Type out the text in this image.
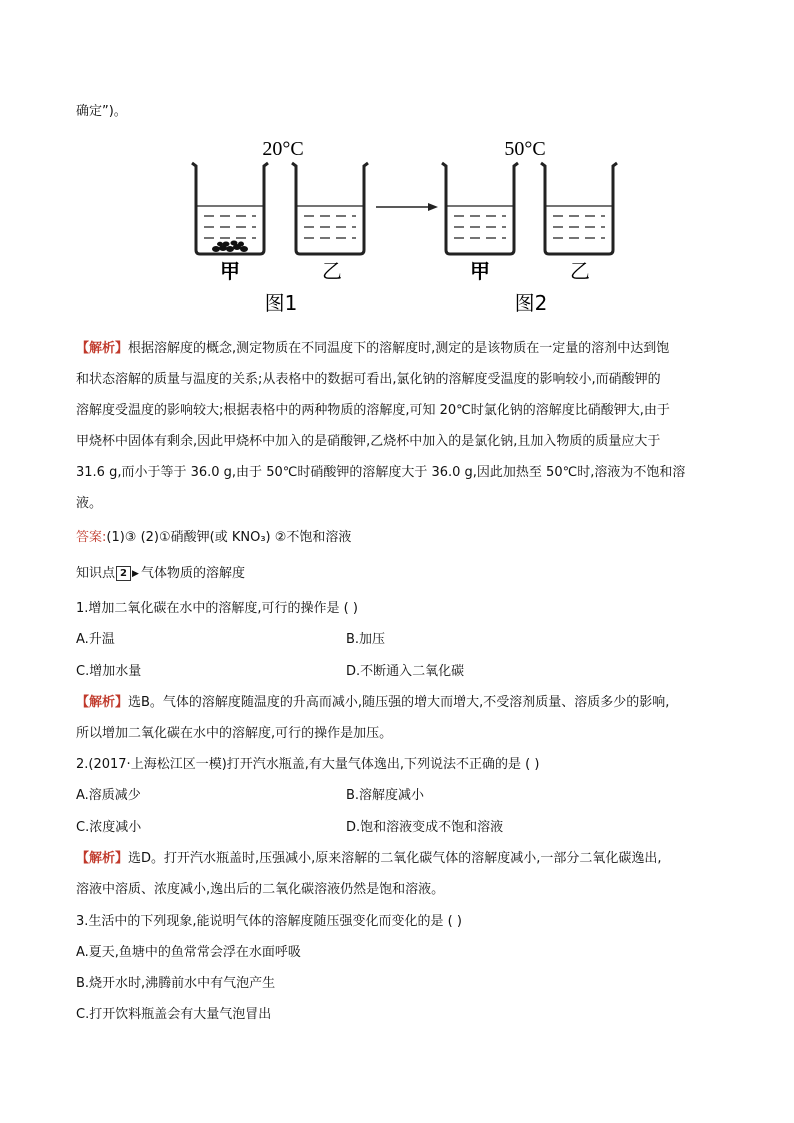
确定”)。
20°C	50°C
甲	乙	甲	乙
图1	图2
【解析】根据溶解度的概念,测定物质在不同温度下的溶解度时,测定的是该物质在一定量的溶剂中达到饱
和状态溶解的质量与温度的关系;从表格中的数据可看出,氯化钠的溶解度受温度的影响较小,而硝酸钾的
溶解度受温度的影响较大;根据表格中的两种物质的溶解度,可知 20℃时氯化钠的溶解度比硝酸钾大,由于
甲烧杯中固体有剩余,因此甲烧杯中加入的是硝酸钾,乙烧杯中加入的是氯化钠,且加入物质的质量应大于
31.6 g,而小于等于 36.0 g,由于 50℃时硝酸钾的溶解度大于 36.0 g,因此加热至 50℃时,溶液为不饱和溶
液。
答案:(1)③ (2)①硝酸钾(或 KNO₃) ②不饱和溶液
知识点 2 ▶ 气体物质的溶解度
1.增加二氧化碳在水中的溶解度,可行的操作是 ( )
A.升温	B.加压
C.增加水量	D.不断通入二氧化碳
【解析】选B。气体的溶解度随温度的升高而减小,随压强的增大而增大,不受溶剂质量、溶质多少的影响,
所以增加二氧化碳在水中的溶解度,可行的操作是加压。
2.(2017·上海松江区一模)打开汽水瓶盖,有大量气体逸出,下列说法不正确的是 ( )
A.溶质减少	B.溶解度减小
C.浓度减小	D.饱和溶液变成不饱和溶液
【解析】选D。打开汽水瓶盖时,压强减小,原来溶解的二氧化碳气体的溶解度减小,一部分二氧化碳逸出,
溶液中溶质、浓度减小,逸出后的二氧化碳溶液仍然是饱和溶液。
3.生活中的下列现象,能说明气体的溶解度随压强变化而变化的是 ( )
A.夏天,鱼塘中的鱼常常会浮在水面呼吸
B.烧开水时,沸腾前水中有气泡产生
C.打开饮料瓶盖会有大量气泡冒出
